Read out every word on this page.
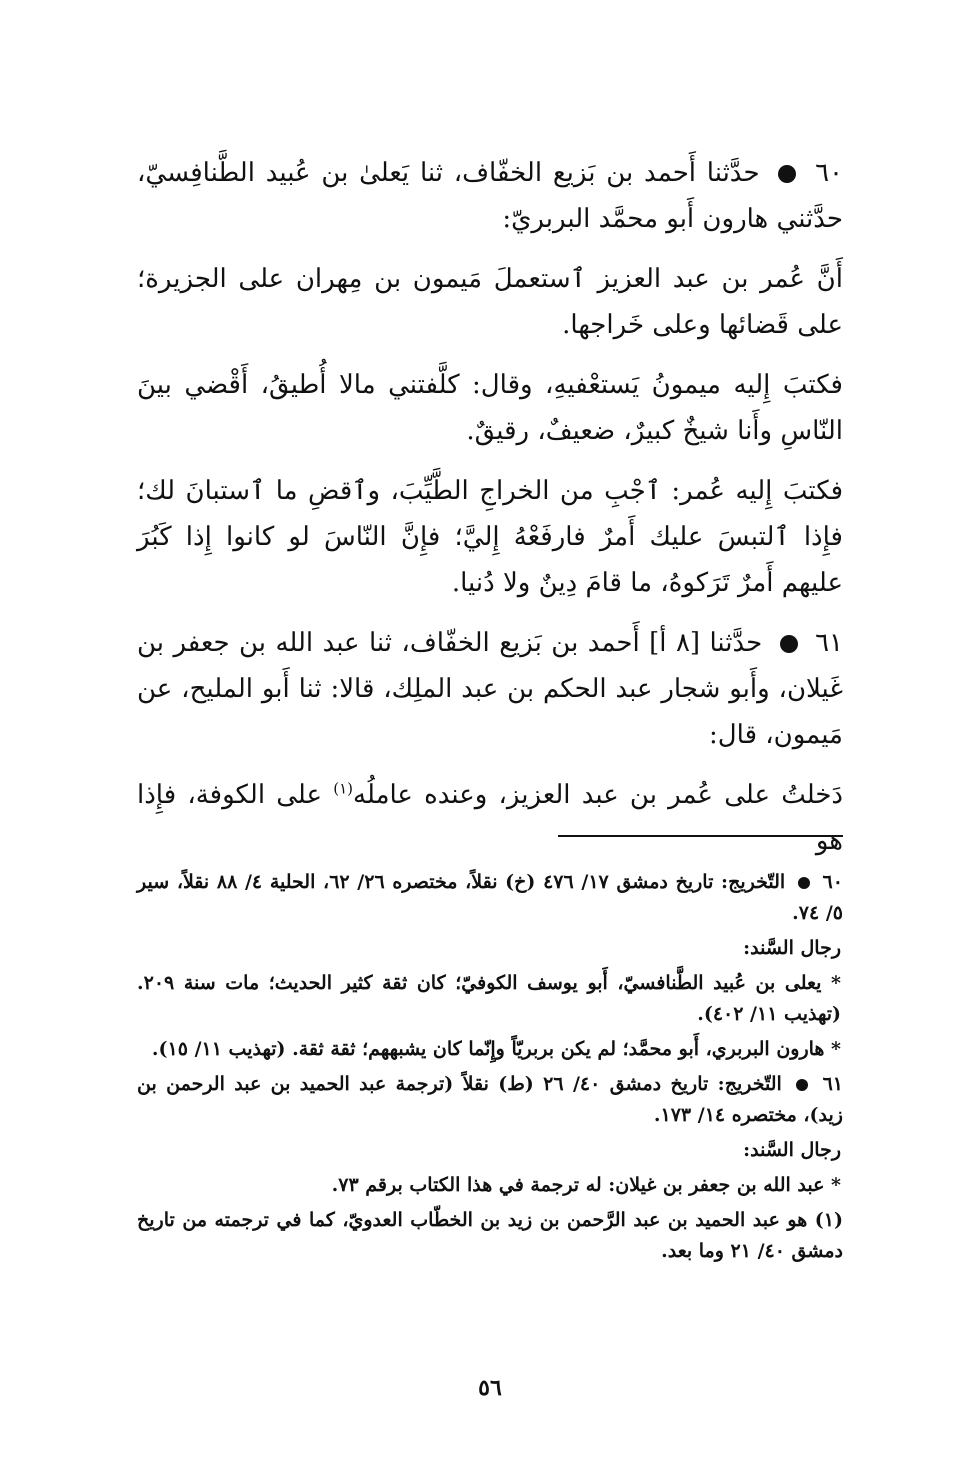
٦٠  حدَّثنا أَحمد بن بَزيع الخفّاف، ثنا يَعلىٰ بن عُبيد الطَّنافِسيّ، حدَّثني هارون أَبو محمَّد البربريّ:

أَنَّ عُمر بن عبد العزيز ٱستعملَ مَيمون بن مِهران على الجزيرة؛ على قَضائها وعلى خَراجها.

فكتبَ إِليه ميمونُ يَستعْفيهِ، وقال: كلَّفتني مالا أُطيقُ، أَقْضي بينَ النّاسِ وأَنا شيخٌ كبيرٌ، ضعيفٌ، رقيقٌ.

فكتبَ إِليه عُمر: ٱجْبِ من الخراجِ الطَّيِّبَ، وٱقضِ ما ٱستبانَ لك؛ فإِذا ٱلتبسَ عليك أَمرٌ فارفَعْهُ إِليَّ؛ فإِنَّ النّاسَ لو كانوا إِذا كَبُرَ عليهم أَمرٌ تَرَكوهُ، ما قامَ دِينٌ ولا دُنيا.

٦١  حدَّثنا [٨ أ] أَحمد بن بَزيع الخفّاف، ثنا عبد الله بن جعفر بن غَيلان، وأَبو شجار عبد الحكم بن عبد الملِك، قالا: ثنا أَبو المليح، عن مَيمون، قال:

دَخلتُ على عُمر بن عبد العزيز، وعنده عاملُه$^{(١)}$ على الكوفة، فإِذا هو

٦٠  التّخريج: تاريخ دمشق ١٧/ ٤٧٦ (خ) نقلاً، مختصره ٢٦/ ٦٢، الحلية ٤/ ٨٨ نقلاً، سير ٥/ ٧٤.

رجال السَّند:

* يعلى بن عُبيد الطَّنافسيّ، أَبو يوسف الكوفيّ؛ كان ثقة كثير الحديث؛ مات سنة ٢٠٩. (تهذيب ١١/ ٤٠٢).

* هارون البربري، أَبو محمَّد؛ لم يكن بربريّاً وإِنّما كان يشبههم؛ ثقة ثقة. (تهذيب ١١/ ١٥).

٦١  التّخريج: تاريخ دمشق ٤٠/ ٢٦ (ط) نقلاً (ترجمة عبد الحميد بن عبد الرحمن بن زيد)، مختصره ١٤/ ١٧٣.

رجال السَّند:

* عبد الله بن جعفر بن غيلان: له ترجمة في هذا الكتاب برقم ٧٣.

(١) هو عبد الحميد بن عبد الرَّحمن بن زيد بن الخطّاب العدويّ، كما في ترجمته من تاريخ دمشق ٤٠/ ٢١ وما بعد.

٥٦
